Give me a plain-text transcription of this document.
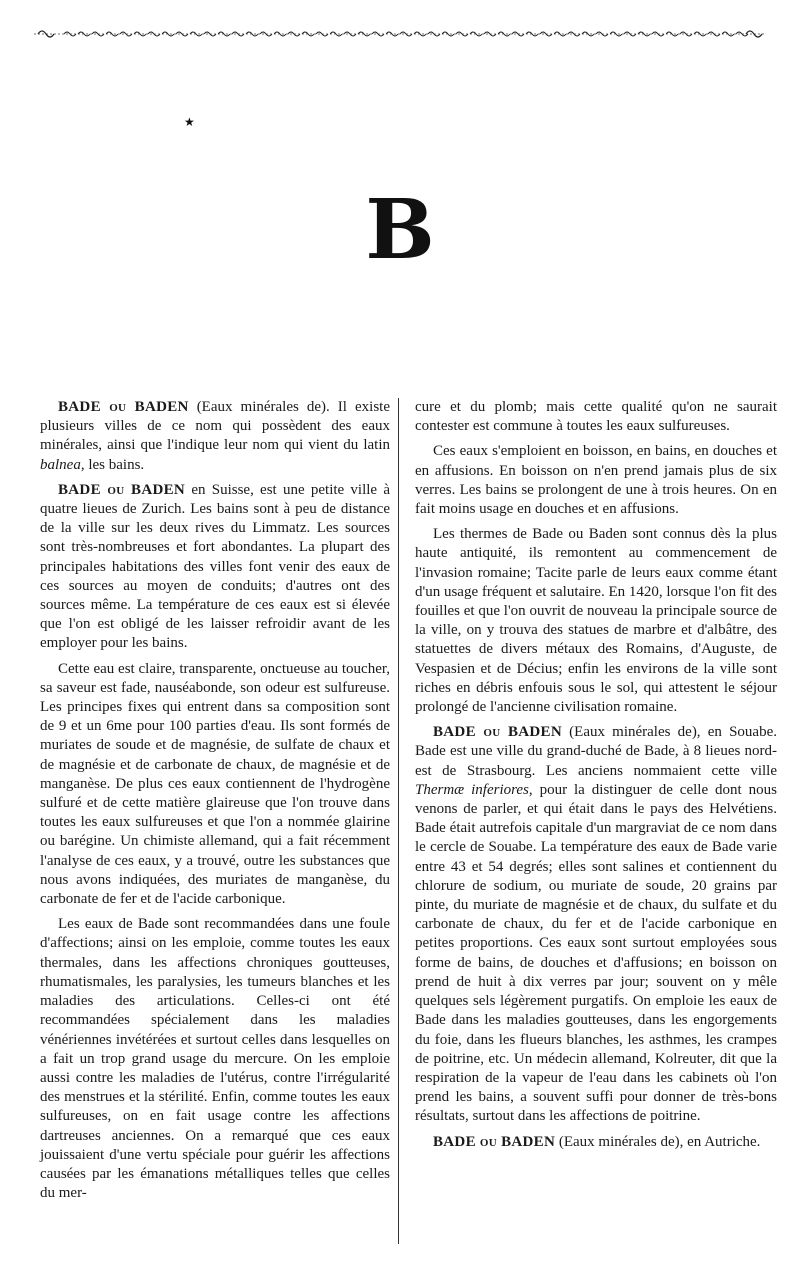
★
B

BADE ou BADEN (Eaux minérales de). Il existe plusieurs villes de ce nom qui possèdent des eaux minérales, ainsi que l'indique leur nom qui vient du latin balnea, les bains.

BADE ou BADEN en Suisse, est une petite ville à quatre lieues de Zurich. Les bains sont à peu de distance de la ville sur les deux rives du Limmatz. Les sources sont très-nombreuses et fort abondantes. La plupart des principales habitations des villes font venir des eaux de ces sources au moyen de conduits; d'autres ont des sources même. La température de ces eaux est si élevée que l'on est obligé de les laisser refroidir avant de les employer pour les bains.

Cette eau est claire, transparente, onctueuse au toucher, sa saveur est fade, nauséabonde, son odeur est sulfureuse. Les principes fixes qui entrent dans sa composition sont de 9 et un 6me pour 100 parties d'eau. Ils sont formés de muriates de soude et de magnésie, de sulfate de chaux et de magnésie et de carbonate de chaux, de magnésie et de manganèse. De plus ces eaux contiennent de l'hydrogène sulfuré et de cette matière glaireuse que l'on trouve dans toutes les eaux sulfureuses et que l'on a nommée glairine ou barégine. Un chimiste allemand, qui a fait récemment l'analyse de ces eaux, y a trouvé, outre les substances que nous avons indiquées, des muriates de manganèse, du carbonate de fer et de l'acide carbonique.

Les eaux de Bade sont recommandées dans une foule d'affections; ainsi on les emploie, comme toutes les eaux thermales, dans les affections chroniques goutteuses, rhumatismales, les paralysies, les tumeurs blanches et les maladies des articulations. Celles-ci ont été recommandées spécialement dans les maladies vénériennes invétérées et surtout celles dans lesquelles on a fait un trop grand usage du mercure. On les emploie aussi contre les maladies de l'utérus, contre l'irrégularité des menstrues et la stérilité. Enfin, comme toutes les eaux sulfureuses, on en fait usage contre les affections dartreuses anciennes. On a remarqué que ces eaux jouissaient d'une vertu spéciale pour guérir les affections causées par les émanations métalliques telles que celles du mer-

cure et du plomb; mais cette qualité qu'on ne saurait contester est commune à toutes les eaux sulfureuses.

Ces eaux s'emploient en boisson, en bains, en douches et en affusions. En boisson on n'en prend jamais plus de six verres. Les bains se prolongent de une à trois heures. On en fait moins usage en douches et en affusions.

Les thermes de Bade ou Baden sont connus dès la plus haute antiquité, ils remontent au commencement de l'invasion romaine; Tacite parle de leurs eaux comme étant d'un usage fréquent et salutaire. En 1420, lorsque l'on fit des fouilles et que l'on ouvrit de nouveau la principale source de la ville, on y trouva des statues de marbre et d'albâtre, des statuettes de divers métaux des Romains, d'Auguste, de Vespasien et de Décius; enfin les environs de la ville sont riches en débris enfouis sous le sol, qui attestent le séjour prolongé de l'ancienne civilisation romaine.

BADE ou BADEN (Eaux minérales de), en Souabe. Bade est une ville du grand-duché de Bade, à 8 lieues nord-est de Strasbourg. Les anciens nommaient cette ville Thermæ inferiores, pour la distinguer de celle dont nous venons de parler, et qui était dans le pays des Helvétiens. Bade était autrefois capitale d'un margraviat de ce nom dans le cercle de Souabe. La température des eaux de Bade varie entre 43 et 54 degrés; elles sont salines et contiennent du chlorure de sodium, ou muriate de soude, 20 grains par pinte, du muriate de magnésie et de chaux, du sulfate et du carbonate de chaux, du fer et de l'acide carbonique en petites proportions. Ces eaux sont surtout employées sous forme de bains, de douches et d'affusions; en boisson on prend de huit à dix verres par jour; souvent on y mêle quelques sels légèrement purgatifs. On emploie les eaux de Bade dans les maladies goutteuses, dans les engorgements du foie, dans les flueurs blanches, les asthmes, les crampes de poitrine, etc. Un médecin allemand, Kolreuter, dit que la respiration de la vapeur de l'eau dans les cabinets où l'on prend les bains, a souvent suffi pour donner de très-bons résultats, surtout dans les affections de poitrine.

BADE ou BADEN (Eaux minérales de), en Autriche.
